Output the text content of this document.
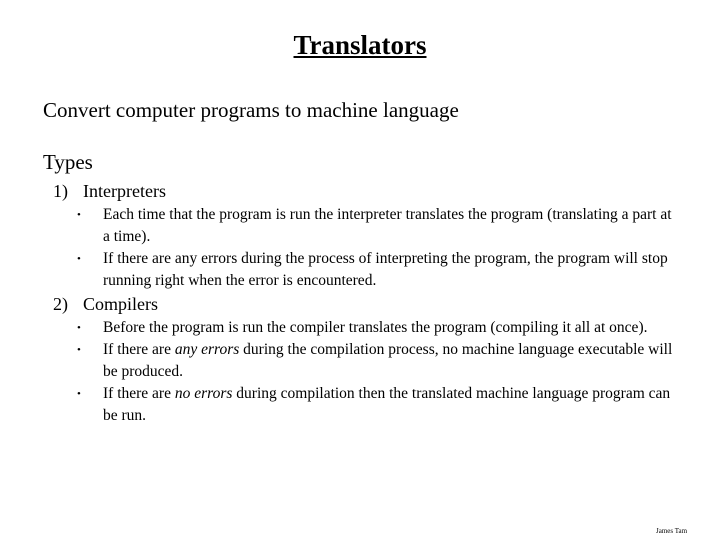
Translators
Convert computer programs to machine language
Types
1) Interpreters
•	Each time that the program is run the interpreter translates the program (translating a part at a time).
•	If there are any errors during the process of interpreting the program, the program will stop running right when the error is encountered.
2) Compilers
•	Before the program is run the compiler translates the program (compiling it all at once).
•	If there are any errors during the compilation process, no machine language executable will be produced.
•	If there are no errors during compilation then the translated machine language program can be run.
James Tam
